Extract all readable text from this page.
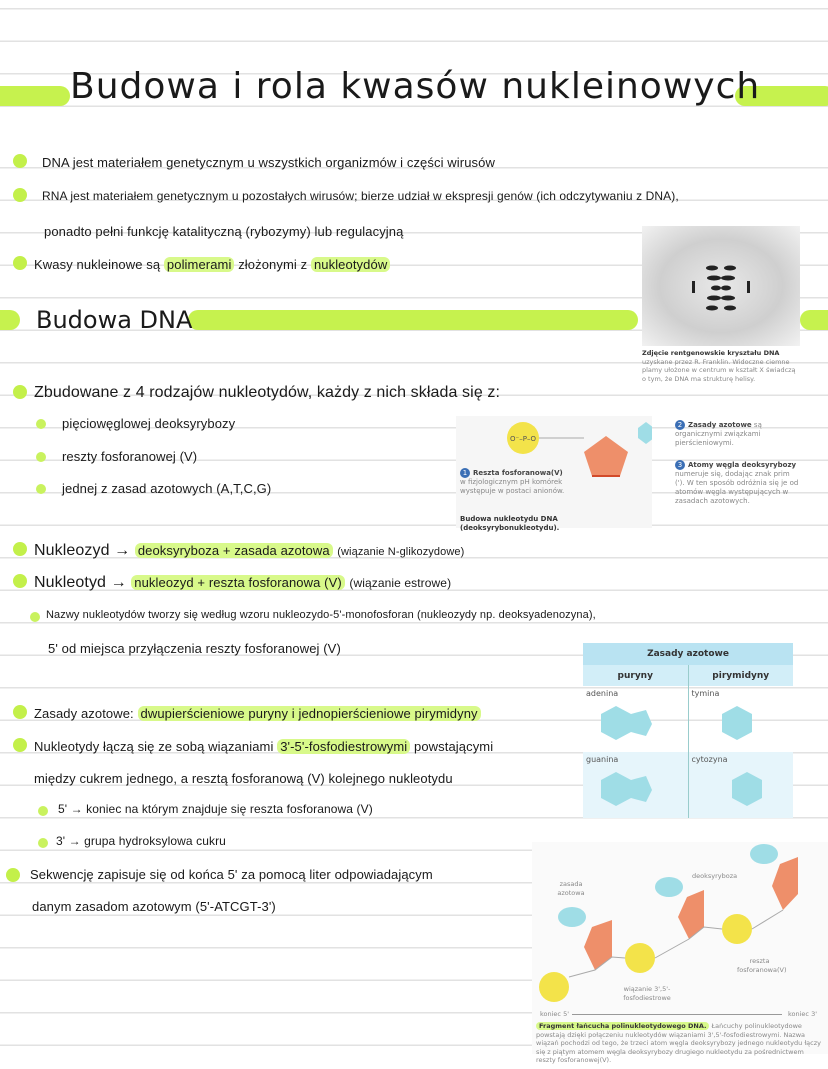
Budowa i rola kwasów nukleinowych
DNA jest materiałem genetycznym u wszystkich organizmów i części wirusów
RNA jest materiałem genetycznym u pozostałych wirusów; bierze udział w ekspresji genów (ich odczytywaniu z DNA),
ponadto pełni funkcję katalityczną (rybozymy) lub regulacyjną
Kwasy nukleinowe są polimerami złożonymi z nukleotydów
Zdjęcie rentgenowskie kryształu DNA uzyskane przez R. Franklin. Widoczne ciemne plamy ułożone w centrum w kształt X świadczą o tym, że DNA ma strukturę helisy.
Budowa DNA
Zbudowane z 4 rodzajów nukleotydów, każdy z nich składa się z:
pięciowęglowej deoksyrybozy
reszty fosforanowej (V)
jednej z zasad azotowych (A,T,C,G)
O⁻–P–O
1 Reszta fosforanowa(V)
w fizjologicznym pH komórek występuje w postaci anionów.
Budowa nukleotydu DNA (deoksyrybonukleotydu).
2 Zasady azotowe są organicznymi związkami pierścieniowymi.
3 Atomy węgla deoksyrybozy
numeruje się, dodając znak prim ('). W ten sposób odróżnia się je od atomów węgla występujących w zasadach azotowych.
Nukleozyd → deoksyryboza + zasada azotowa (wiązanie N-glikozydowe)
Nukleotyd → nukleozyd + reszta fosforanowa (V) (wiązanie estrowe)
Nazwy nukleotydów tworzy się według wzoru nukleozydo-5'-monofosforan (nukleozydy np. deoksyadenozyna),
5' od miejsca przyłączenia reszty fosforanowej (V)	Zasady azotowe	
puryny	pirymidyny
adenina	tymina
guanina	cytozyna
Zasady azotowe: dwupierścieniowe puryny i jednopierścieniowe pirymidyny
Nukleotydy łączą się ze sobą wiązaniami 3'-5'-fosfodiestrowymi powstającymi
między cukrem jednego, a resztą fosforanową (V) kolejnego nukleotydu
5' → koniec na którym znajduje się reszta fosforanowa (V)
3' → grupa hydroksylowa cukru
Sekwencję zapisuje się od końca 5' za pomocą liter odpowiadającym
danym zasadom azotowym (5'-ATCGT-3')
zasada azotowa
deoksyryboza
reszta fosforanowa(V)
wiązanie 3',5'-fosfodiestrowe
koniec 5'	koniec 3'
Fragment łańcucha polinukleotydowego DNA. Łańcuchy polinukleotydowe powstają dzięki połączeniu nukleotydów wiązaniami 3',5'-fosfodiestrowymi. Nazwa wiązań pochodzi od tego, że trzeci atom węgla deoksyrybozy jednego nukleotydu łączy się z piątym atomem węgla deoksyrybozy drugiego nukleotydu za pośrednictwem reszty fosforanowej(V).
